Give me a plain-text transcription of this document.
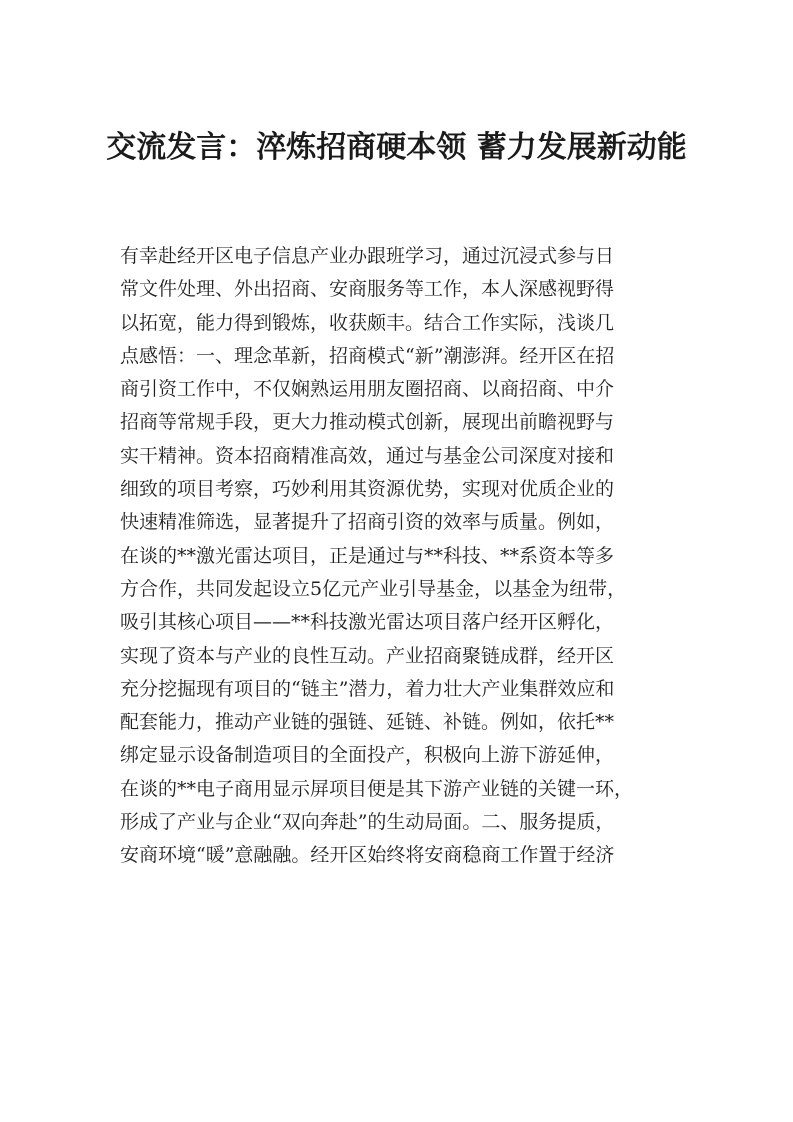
交流发言：淬炼招商硬本领 蓄力发展新动能
有幸赴经开区电子信息产业办跟班学习，通过沉浸式参与日
常文件处理、外出招商、安商服务等工作，本人深感视野得
以拓宽，能力得到锻炼，收获颇丰。结合工作实际，浅谈几
点感悟：一、理念革新，招商模式“新”潮澎湃。经开区在招
商引资工作中，不仅娴熟运用朋友圈招商、以商招商、中介
招商等常规手段，更大力推动模式创新，展现出前瞻视野与
实干精神。资本招商精准高效，通过与基金公司深度对接和
细致的项目考察，巧妙利用其资源优势，实现对优质企业的
快速精准筛选，显著提升了招商引资的效率与质量。例如，
在谈的**激光雷达项目，正是通过与**科技、**系资本等多
方合作，共同发起设立5亿元产业引导基金，以基金为纽带，
吸引其核心项目——**科技激光雷达项目落户经开区孵化，
实现了资本与产业的良性互动。产业招商聚链成群，经开区
充分挖掘现有项目的“链主”潜力，着力壮大产业集群效应和
配套能力，推动产业链的强链、延链、补链。例如，依托**
绑定显示设备制造项目的全面投产，积极向上游下游延伸，
在谈的**电子商用显示屏项目便是其下游产业链的关键一环，
形成了产业与企业“双向奔赴”的生动局面。二、服务提质，
安商环境“暖”意融融。经开区始终将安商稳商工作置于经济
